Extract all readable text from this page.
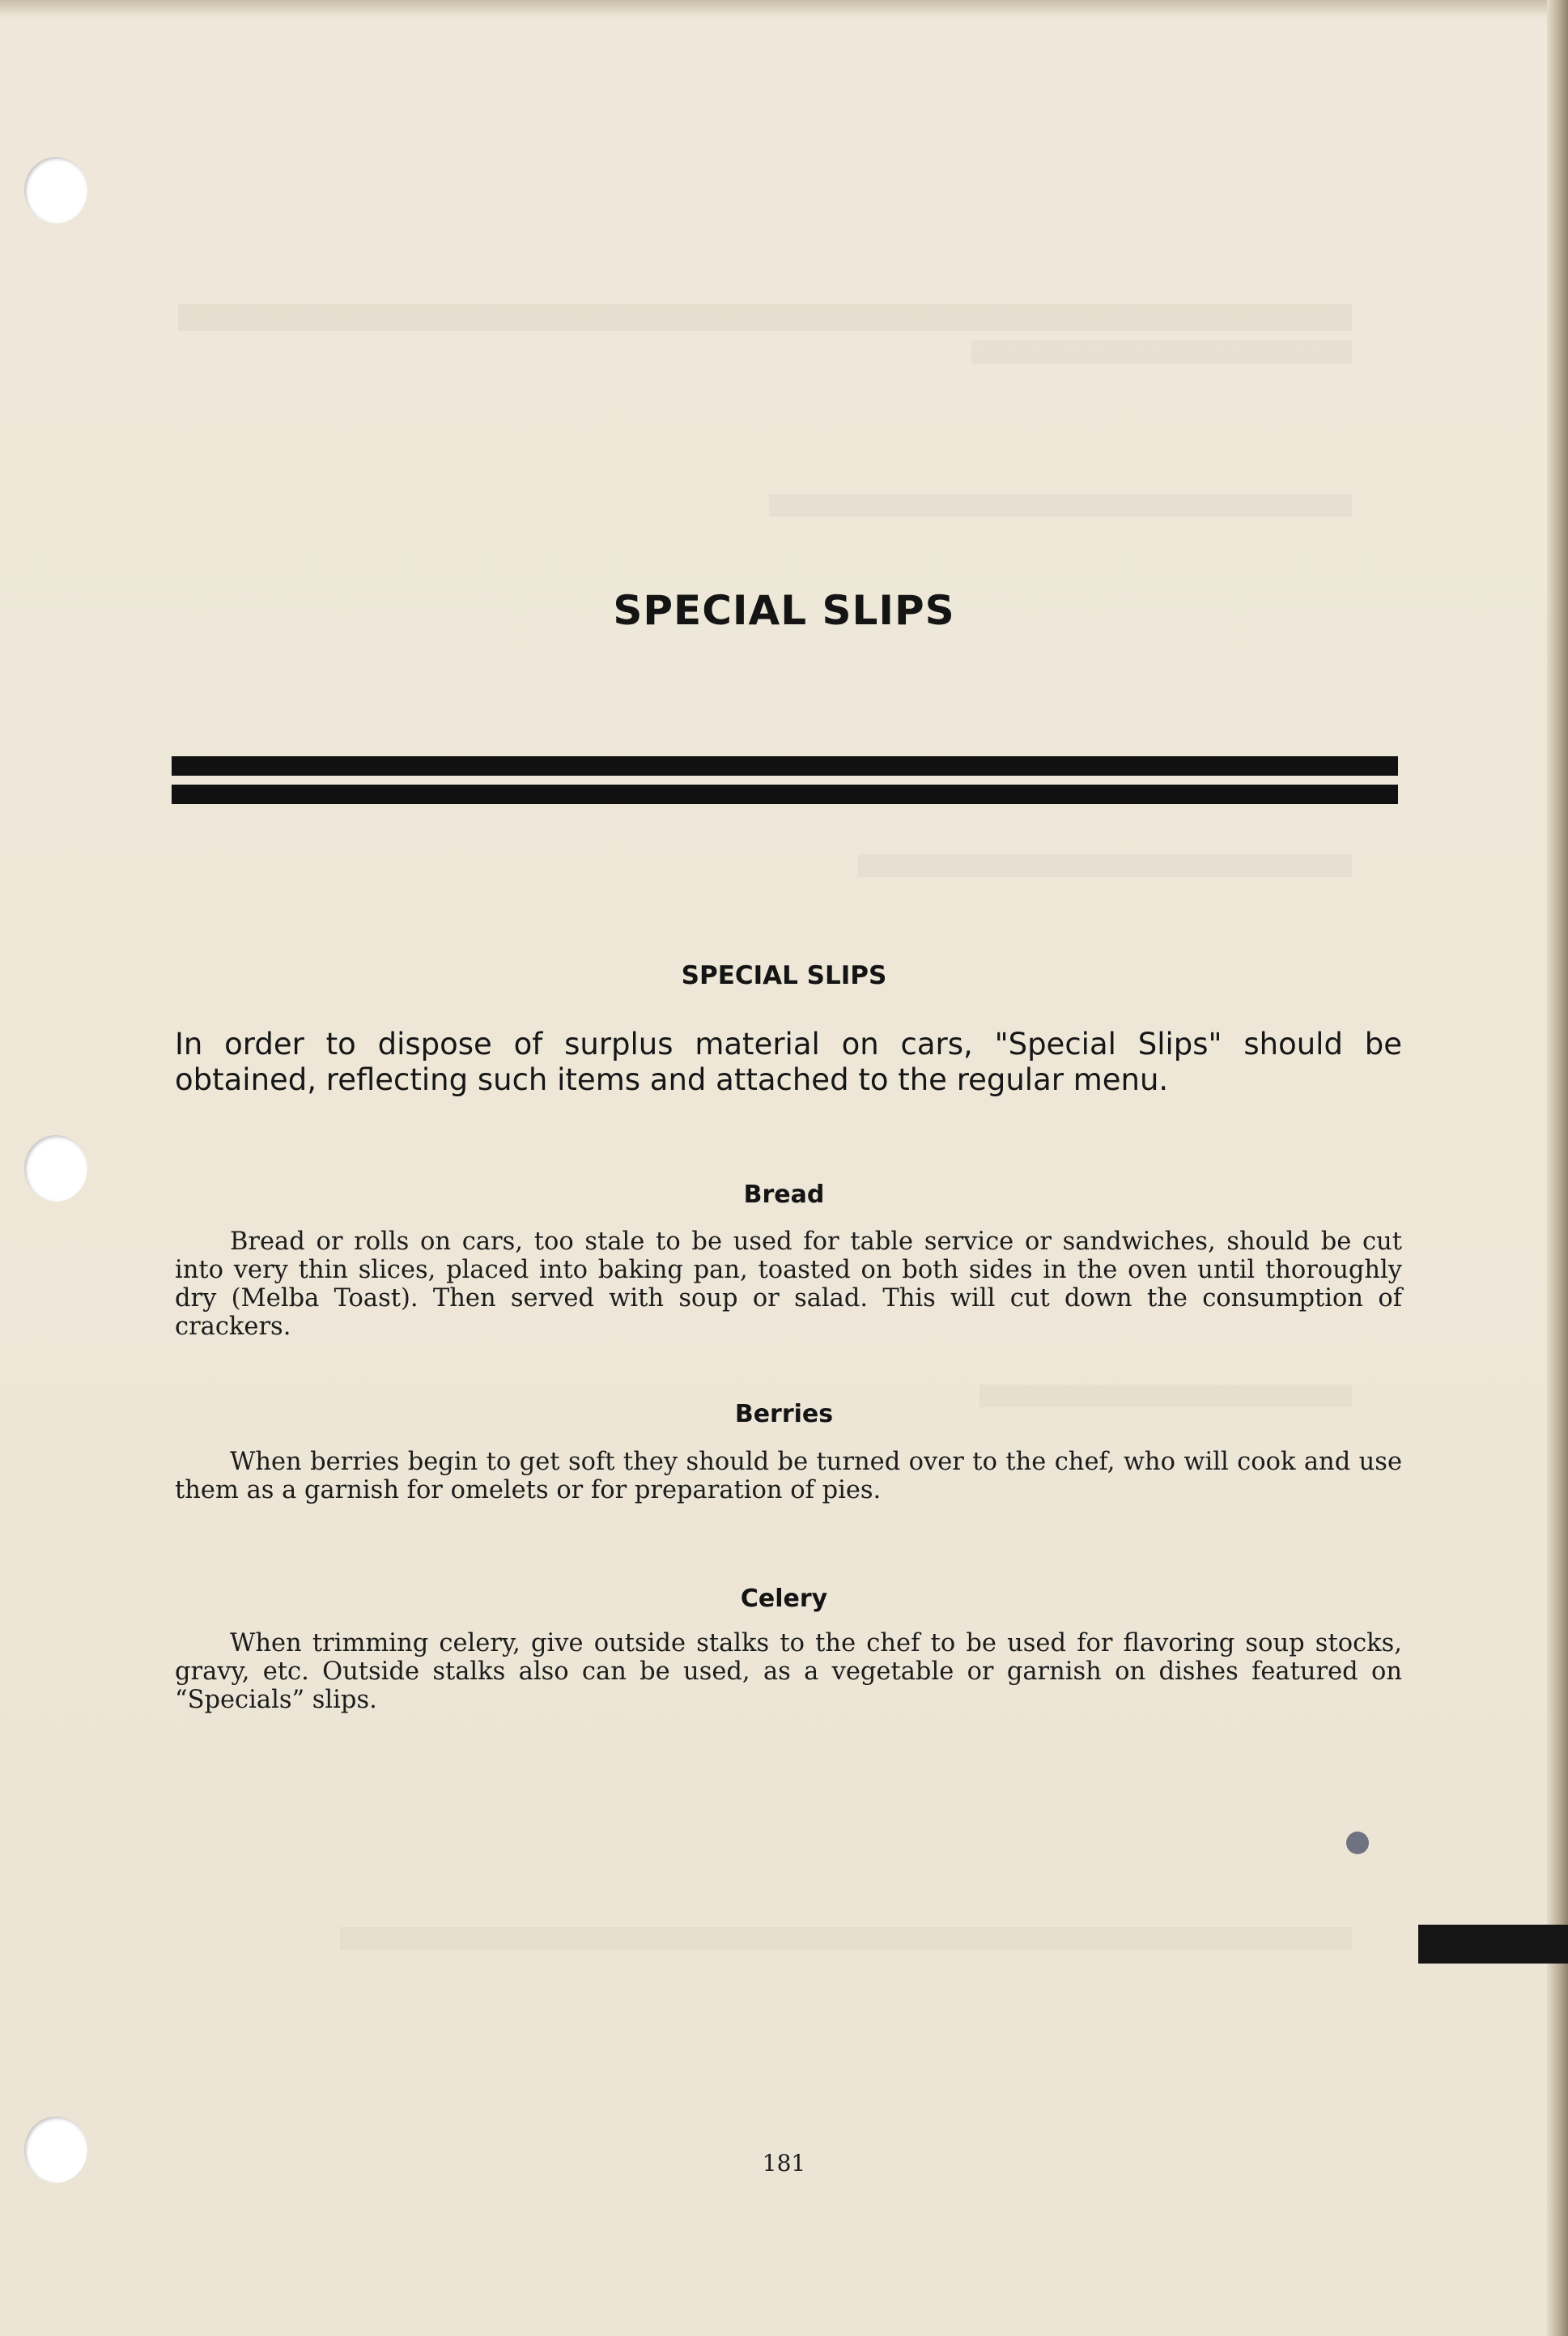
SPECIAL SLIPS
SPECIAL SLIPS

In order to dispose of surplus material on cars, "Special Slips" should be obtained, reflecting such items and attached to the regular menu.

Bread

Bread or rolls on cars, too stale to be used for table service or sandwiches, should be cut into very thin slices, placed into baking pan, toasted on both sides in the oven until thoroughly dry (Melba Toast). Then served with soup or salad. This will cut down the consumption of crackers.

Berries

When berries begin to get soft they should be turned over to the chef, who will cook and use them as a garnish for omelets or for preparation of pies.

Celery

When trimming celery, give outside stalks to the chef to be used for flavoring soup stocks, gravy, etc. Outside stalks also can be used, as a vegetable or garnish on dishes featured on “Specials” slips.

181
